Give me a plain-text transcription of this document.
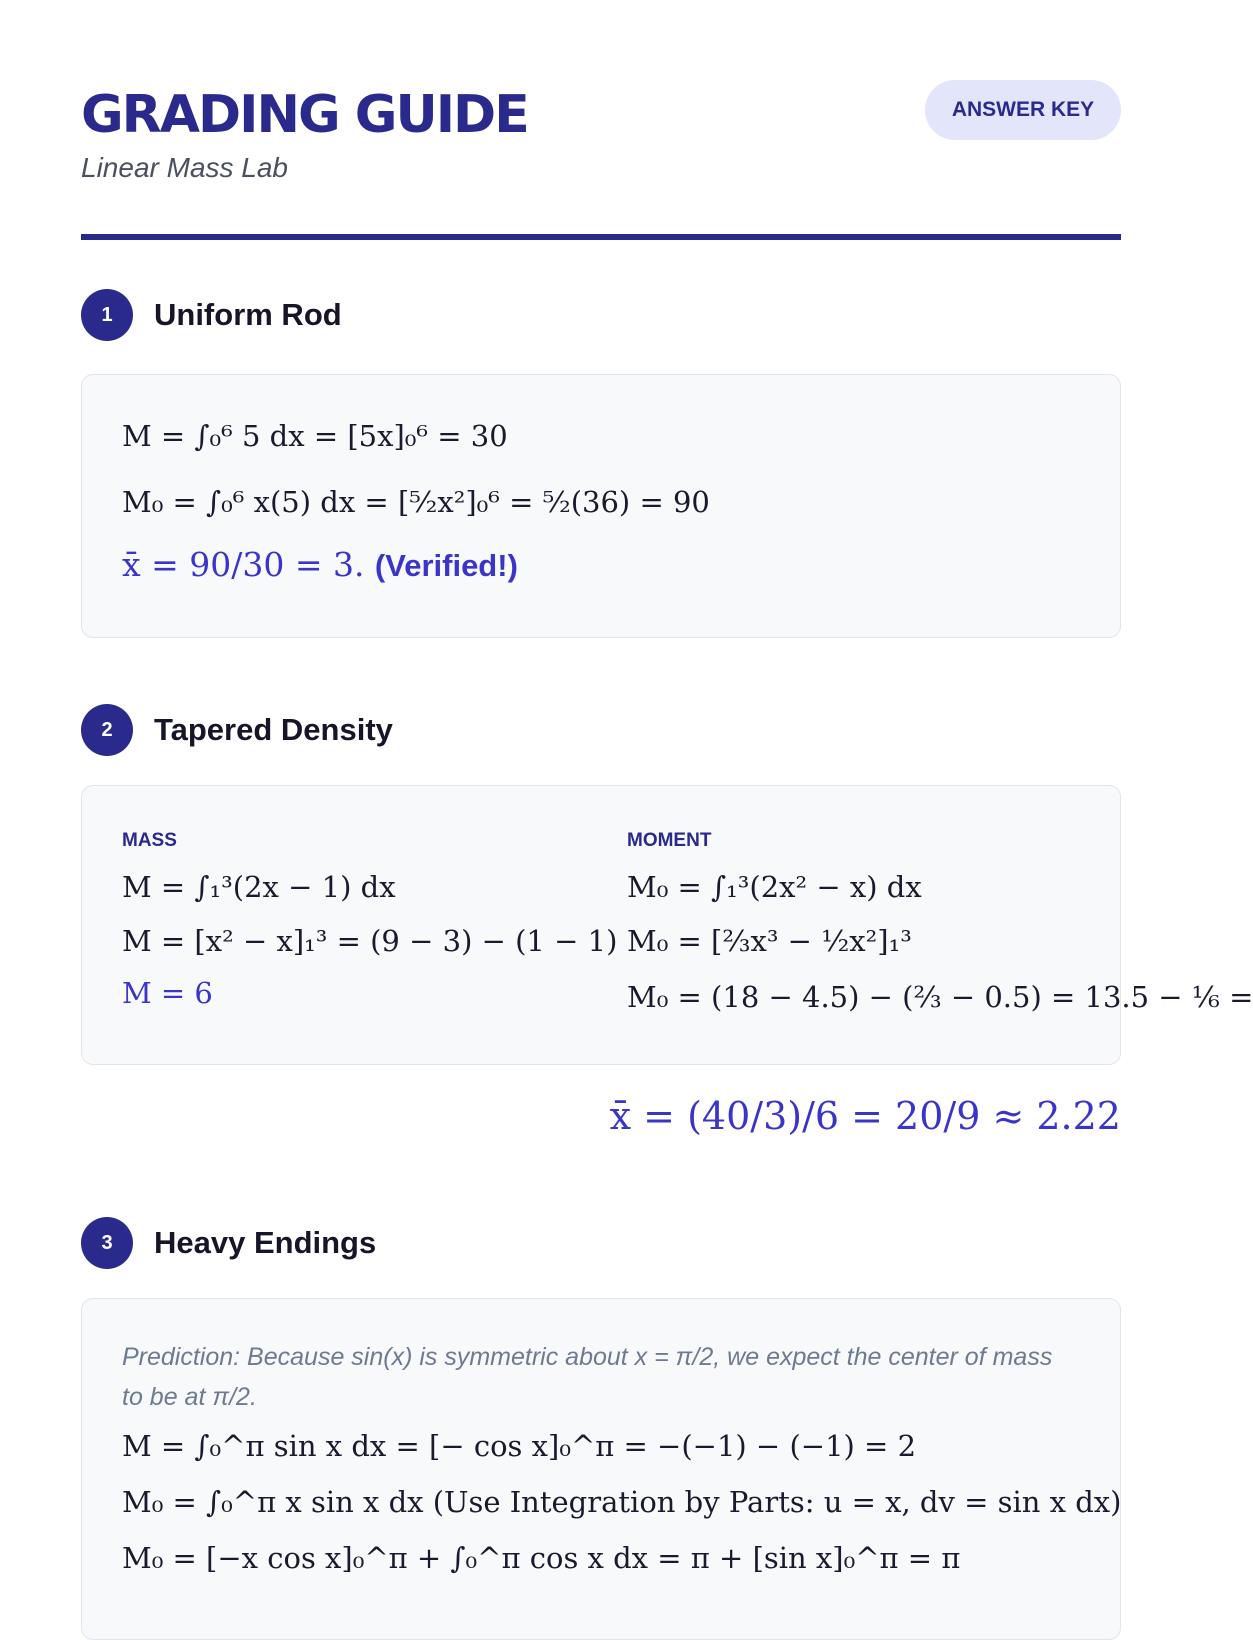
GRADING GUIDE
Linear Mass Lab
ANSWER KEY
1	Uniform Rod
M = ∫₀⁶ 5 dx = [5x]₀⁶ = 30
M₀ = ∫₀⁶ x(5) dx = [⁵⁄₂x²]₀⁶ = ⁵⁄₂(36) = 90
x̄ = 90/30 = 3. (Verified!)
2	Tapered Density
MASS	MOMENT
M = ∫₁³(2x − 1) dx
M = [x² − x]₁³ = (9 − 3) − (1 − 1)
M = 6
M₀ = ∫₁³(2x² − x) dx
M₀ = [⅔x³ − ½x²]₁³
M₀ = (18 − 4.5) − (⅔ − 0.5) = 13.5 − ⅙ =
x̄ = (40/3)/6 = 20/9 ≈ 2.22
3	Heavy Endings
Prediction: Because sin(x) is symmetric about x = π/2, we expect the center of mass to be at π/2.
M = ∫₀^π sin x dx = [− cos x]₀^π = −(−1) − (−1) = 2
M₀ = ∫₀^π x sin x dx (Use Integration by Parts: u = x, dv = sin x dx)
M₀ = [−x cos x]₀^π + ∫₀^π cos x dx = π + [sin x]₀^π = π
